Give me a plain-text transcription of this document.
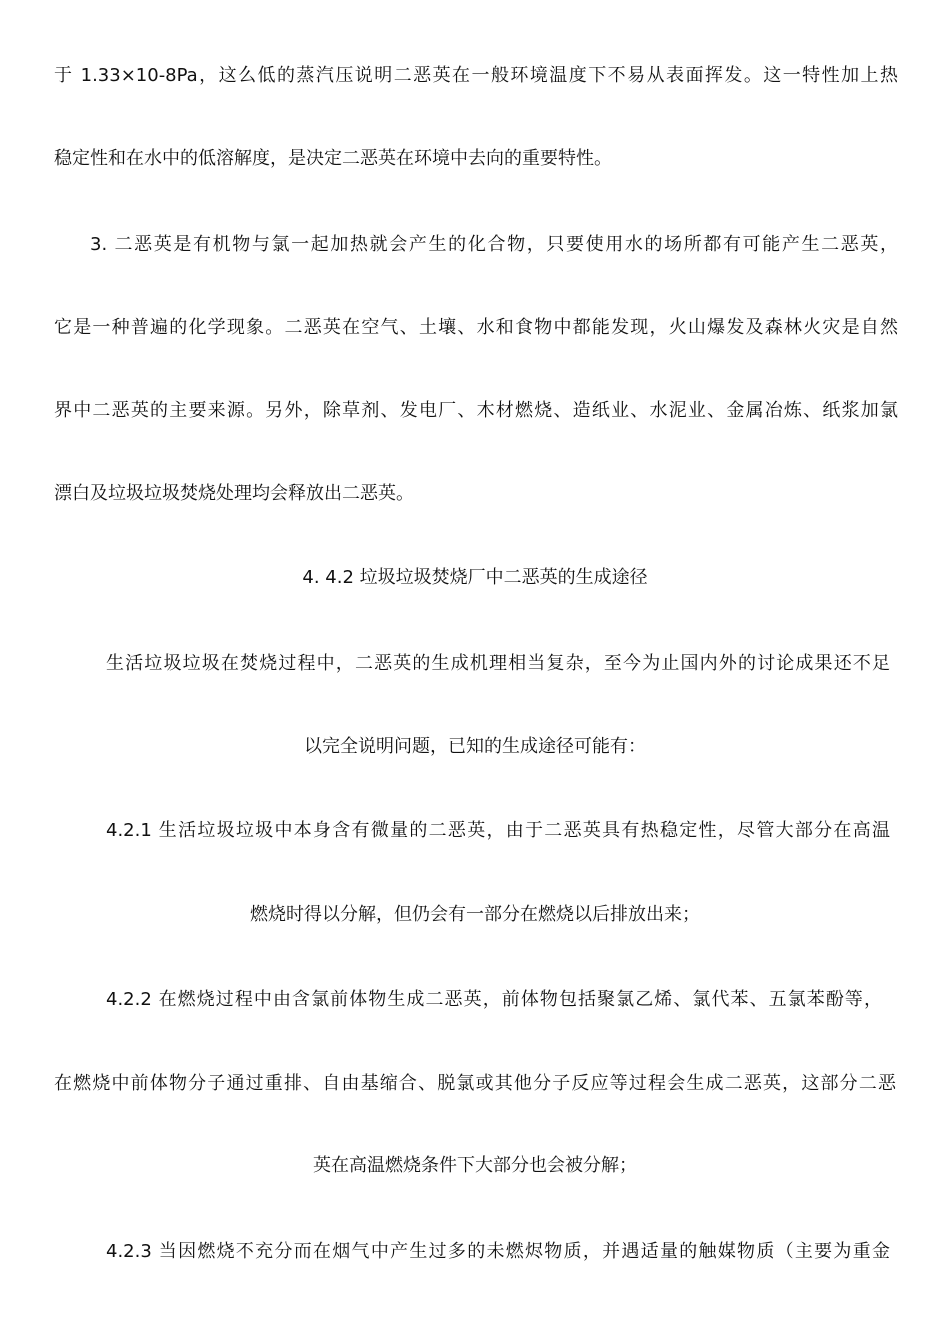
于 1.33×10-8Pa，这么低的蒸汽压说明二恶英在一般环境温度下不易从表面挥发。这一特性加上热
稳定性和在水中的低溶解度，是决定二恶英在环境中去向的重要特性。
3. 二恶英是有机物与氯一起加热就会产生的化合物，只要使用水的场所都有可能产生二恶英，
它是一种普遍的化学现象。二恶英在空气、土壤、水和食物中都能发现，火山爆发及森林火灾是自然
界中二恶英的主要来源。另外，除草剂、发电厂、木材燃烧、造纸业、水泥业、金属冶炼、纸浆加氯
漂白及垃圾垃圾焚烧处理均会释放出二恶英。
4. 4.2 垃圾垃圾焚烧厂中二恶英的生成途径
生活垃圾垃圾在焚烧过程中，二恶英的生成机理相当复杂，至今为止国内外的讨论成果还不足
以完全说明问题，已知的生成途径可能有：
4.2.1 生活垃圾垃圾中本身含有微量的二恶英，由于二恶英具有热稳定性，尽管大部分在高温
燃烧时得以分解，但仍会有一部分在燃烧以后排放出来；
4.2.2 在燃烧过程中由含氯前体物生成二恶英，前体物包括聚氯乙烯、氯代苯、五氯苯酚等，
在燃烧中前体物分子通过重排、自由基缩合、脱氯或其他分子反应等过程会生成二恶英，这部分二恶
英在高温燃烧条件下大部分也会被分解；
4.2.3 当因燃烧不充分而在烟气中产生过多的未燃烬物质，并遇适量的触媒物质（主要为重金
